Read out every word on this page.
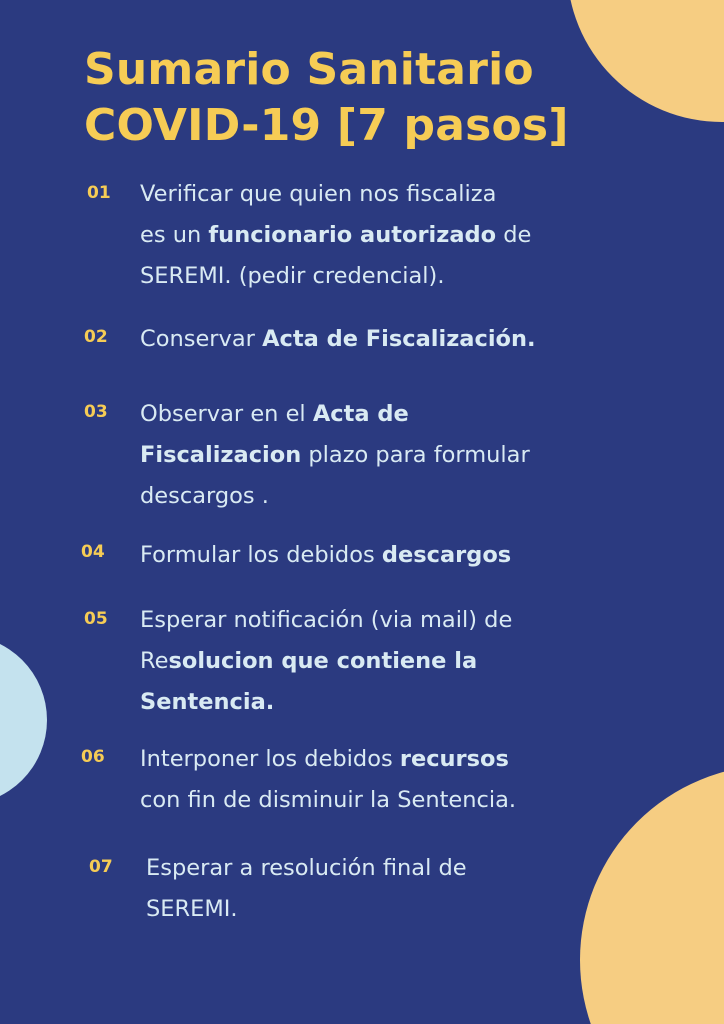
Sumario Sanitario
COVID-19 [7 pasos]
01 Verificar que quien nos fiscaliza
es un funcionario autorizado de
SEREMI. (pedir credencial).
02 Conservar Acta de Fiscalización.
03 Observar en el Acta de
Fiscalizacion plazo para formular
descargos .
04 Formular los debidos descargos
05 Esperar notificación (via mail) de
Resolucion que contiene la
Sentencia.
06 Interponer los debidos recursos
con fin de disminuir la Sentencia.
07 Esperar a resolución final de
SEREMI.
